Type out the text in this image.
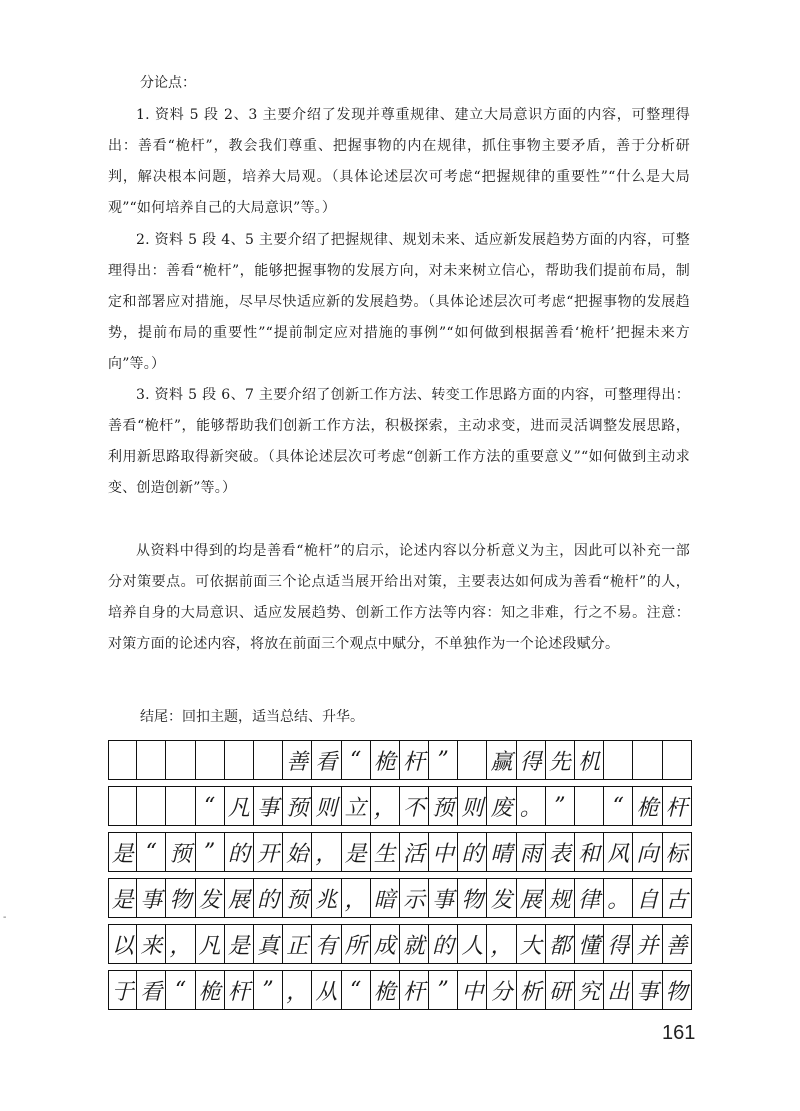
分论点：

1. 资料 5 段 2、3 主要介绍了发现并尊重规律、建立大局意识方面的内容，可整理得出：善看“桅杆”，教会我们尊重、把握事物的内在规律，抓住事物主要矛盾，善于分析研判，解决根本问题，培养大局观。（具体论述层次可考虑“把握规律的重要性”“什么是大局观”“如何培养自己的大局意识”等。）

2. 资料 5 段 4、5 主要介绍了把握规律、规划未来、适应新发展趋势方面的内容，可整理得出：善看“桅杆”，能够把握事物的发展方向，对未来树立信心，帮助我们提前布局，制定和部署应对措施，尽早尽快适应新的发展趋势。（具体论述层次可考虑“把握事物的发展趋势，提前布局的重要性”“提前制定应对措施的事例”“如何做到根据善看‘桅杆’把握未来方向”等。）

3. 资料 5 段 6、7 主要介绍了创新工作方法、转变工作思路方面的内容，可整理得出：善看“桅杆”，能够帮助我们创新工作方法，积极探索，主动求变，进而灵活调整发展思路，利用新思路取得新突破。（具体论述层次可考虑“创新工作方法的重要意义”“如何做到主动求变、创造创新”等。）

从资料中得到的均是善看“桅杆”的启示，论述内容以分析意义为主，因此可以补充一部分对策要点。可依据前面三个论点适当展开给出对策，主要表达如何成为善看“桅杆”的人，培养自身的大局意识、适应发展趋势、创新工作方法等内容：知之非难，行之不易。注意：对策方面的论述内容，将放在前面三个观点中赋分，不单独作为一个论述段赋分。

结尾：回扣主题，适当总结、升华。

善 看 “ 桅 杆 ”	赢 得 先 机
“ 凡 事 预 则 立 ， 不 预 则 废 。 ”	“ 桅 杆
是 “ 预 ” 的 开 始 ， 是 生 活 中 的 晴 雨 表 和 风 向 标
是 事 物 发 展 的 预 兆 ， 暗 示 事 物 发 展 规 律 。 自 古
以 来 ， 凡 是 真 正 有 所 成 就 的 人 ， 大 都 懂 得 并 善
于 看 “ 桅 杆 ” ， 从 “ 桅 杆 ” 中 分 析 研 究 出 事 物
-
161
